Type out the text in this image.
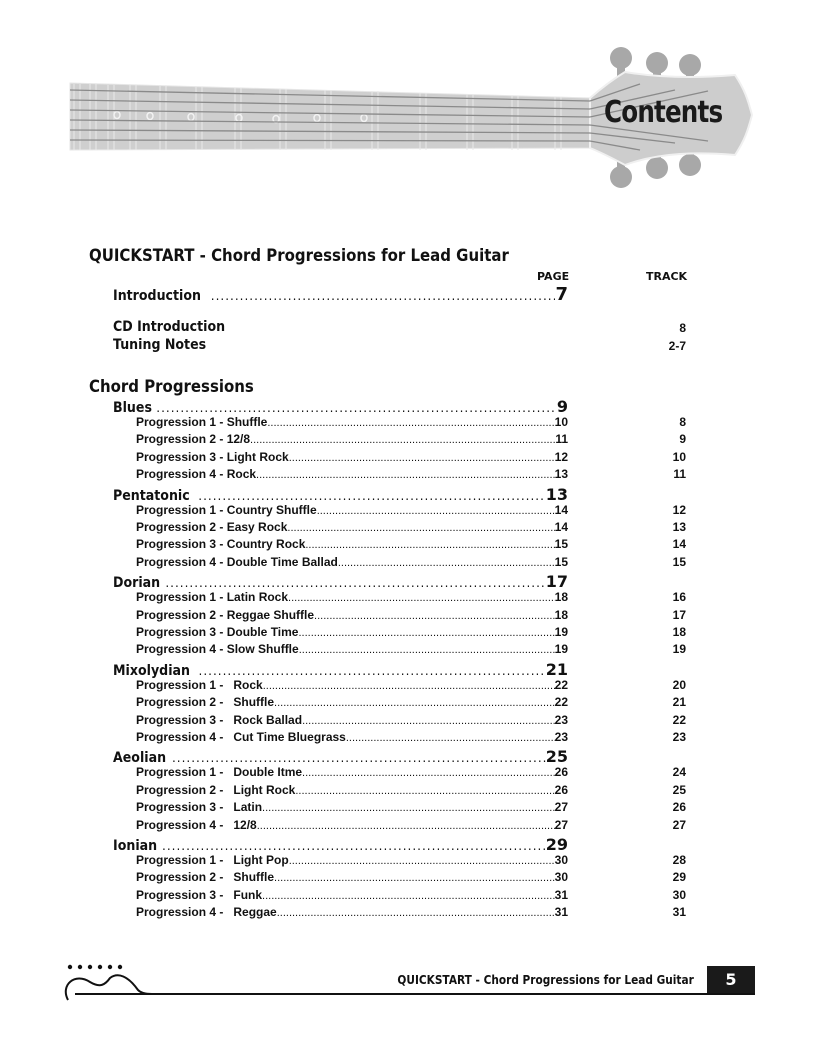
Contents
QUICKSTART - Chord Progressions for Lead Guitar
PAGE	TRACK
Introduction .....	7
CD Introduction	8
Tuning Notes	2-7
Chord Progressions
Blues .....	9
Progression 1 - Shuffle .....	10	8
Progression 2 - 12/8 .....	11	9
Progression 3 - Light Rock .....	12	10
Progression 4 - Rock .....	13	11
Pentatonic .....	13
Progression 1 - Country Shuffle .....	14	12
Progression 2 - Easy Rock .....	14	13
Progression 3 - Country Rock .....	15	14
Progression 4 - Double Time Ballad .....	15	15
Dorian .....	17
Progression 1 - Latin Rock .....	18	16
Progression 2 - Reggae Shuffle .....	18	17
Progression 3 - Double Time .....	19	18
Progression 4 - Slow Shuffle .....	19	19
Mixolydian .....	21
Progression 1 -   Rock .....	22	20
Progression 2 -   Shuffle .....	22	21
Progression 3 -   Rock Ballad .....	23	22
Progression 4 -   Cut Time Bluegrass .....	23	23
Aeolian .....	25
Progression 1 -   Double Itme .....	26	24
Progression 2 -   Light Rock .....	26	25
Progression 3 -   Latin .....	27	26
Progression 4 -   12/8 .....	27	27
Ionian .....	29
Progression 1 -   Light Pop .....	30	28
Progression 2 -   Shuffle .....	30	29
Progression 3 -   Funk .....	31	30
Progression 4 -   Reggae .....	31	31
QUICKSTART - Chord Progressions for Lead Guitar	5
